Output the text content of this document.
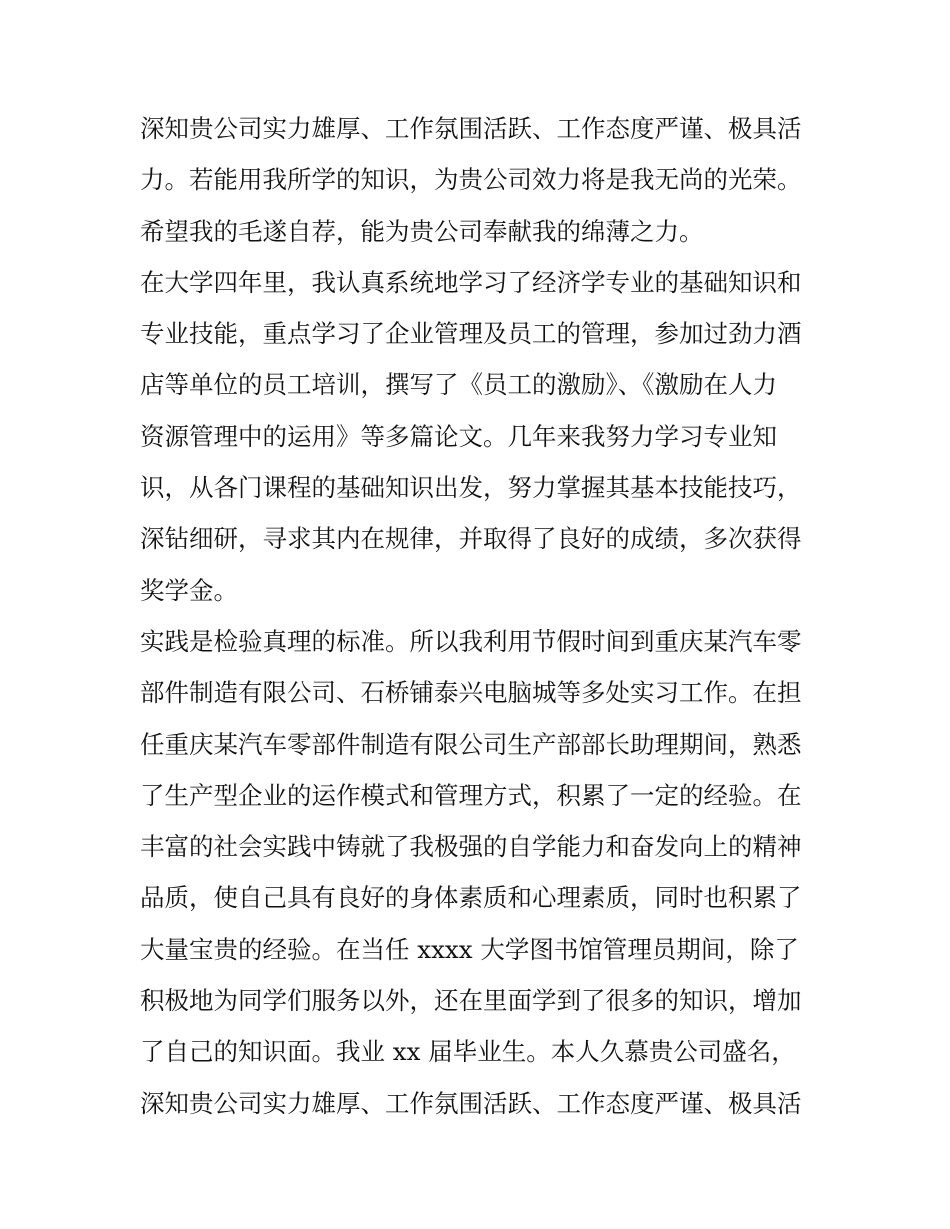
深知贵公司实力雄厚、工作氛围活跃、工作态度严谨、极具活
力。若能用我所学的知识，为贵公司效力将是我无尚的光荣。
希望我的毛遂自荐，能为贵公司奉献我的绵薄之力。
在大学四年里，我认真系统地学习了经济学专业的基础知识和
专业技能，重点学习了企业管理及员工的管理，参加过劲力酒
店等单位的员工培训，撰写了《员工的激励》、《激励在人力
资源管理中的运用》等多篇论文。几年来我努力学习专业知
识，从各门课程的基础知识出发，努力掌握其基本技能技巧，
深钻细研，寻求其内在规律，并取得了良好的成绩，多次获得
奖学金。
实践是检验真理的标准。所以我利用节假时间到重庆某汽车零
部件制造有限公司、石桥铺泰兴电脑城等多处实习工作。在担
任重庆某汽车零部件制造有限公司生产部部长助理期间，熟悉
了生产型企业的运作模式和管理方式，积累了一定的经验。在
丰富的社会实践中铸就了我极强的自学能力和奋发向上的精神
品质，使自己具有良好的身体素质和心理素质，同时也积累了
大量宝贵的经验。在当任 xxxx 大学图书馆管理员期间，除了
积极地为同学们服务以外，还在里面学到了很多的知识，增加
了自己的知识面。我业 xx 届毕业生。本人久慕贵公司盛名，
深知贵公司实力雄厚、工作氛围活跃、工作态度严谨、极具活
